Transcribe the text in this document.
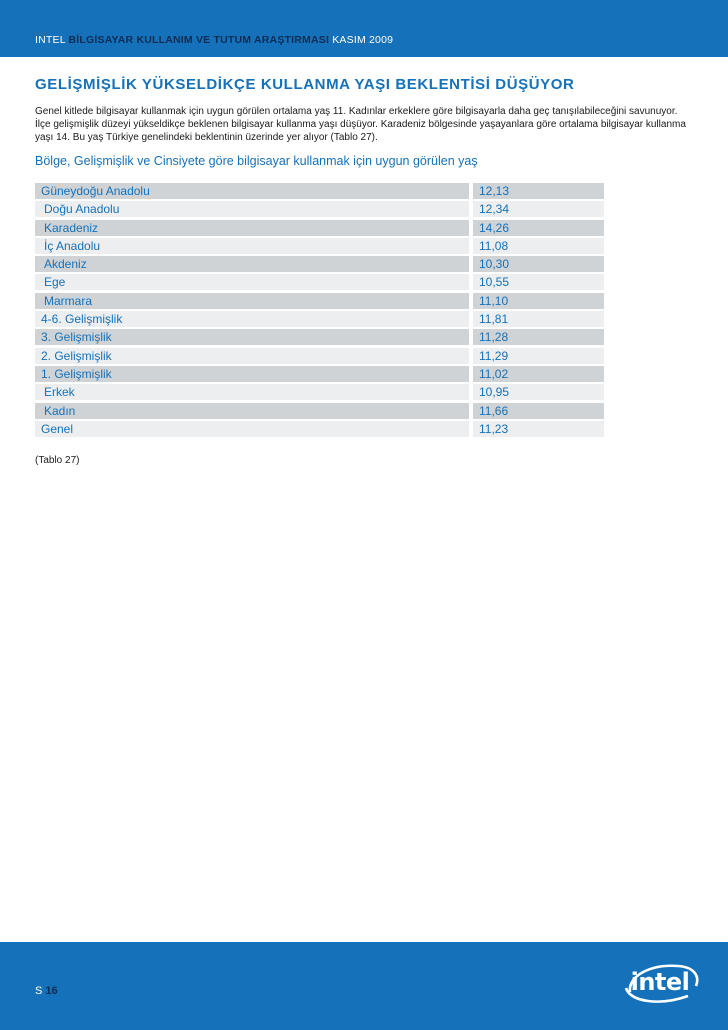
INTEL BİLGİSAYAR KULLANIM VE TUTUM ARAŞTIRMASI KASIM 2009
GELİŞMİŞLİK YÜKSELDİKÇE KULLANMA YAŞI BEKLENTİSİ DÜŞÜYOR
Genel kitlede bilgisayar kullanmak için uygun görülen ortalama yaş 11. Kadınlar erkeklere göre bilgisayarla daha geç tanışılabileceğini savunuyor. İlçe gelişmişlik düzeyi yükseldikçe beklenen bilgisayar kullanma yaşı düşüyor. Karadeniz bölgesinde yaşayanlara göre ortalama bilgisayar kullanma yaşı 14. Bu yaş Türkiye genelindeki beklentinin üzerinde yer alıyor (Tablo 27).
Bölge, Gelişmişlik ve Cinsiyete göre bilgisayar kullanmak için uygun görülen yaş
Güneydoğu Anadolu	12,13
Doğu Anadolu	12,34
Karadeniz	14,26
İç Anadolu	11,08
Akdeniz	10,30
Ege	10,55
Marmara	11,10
4-6. Gelişmişlik	11,81
3. Gelişmişlik	11,28
2. Gelişmişlik	11,29
1. Gelişmişlik	11,02
Erkek	10,95
Kadın	11,66
Genel	11,23
(Tablo 27)
S 16	intel
